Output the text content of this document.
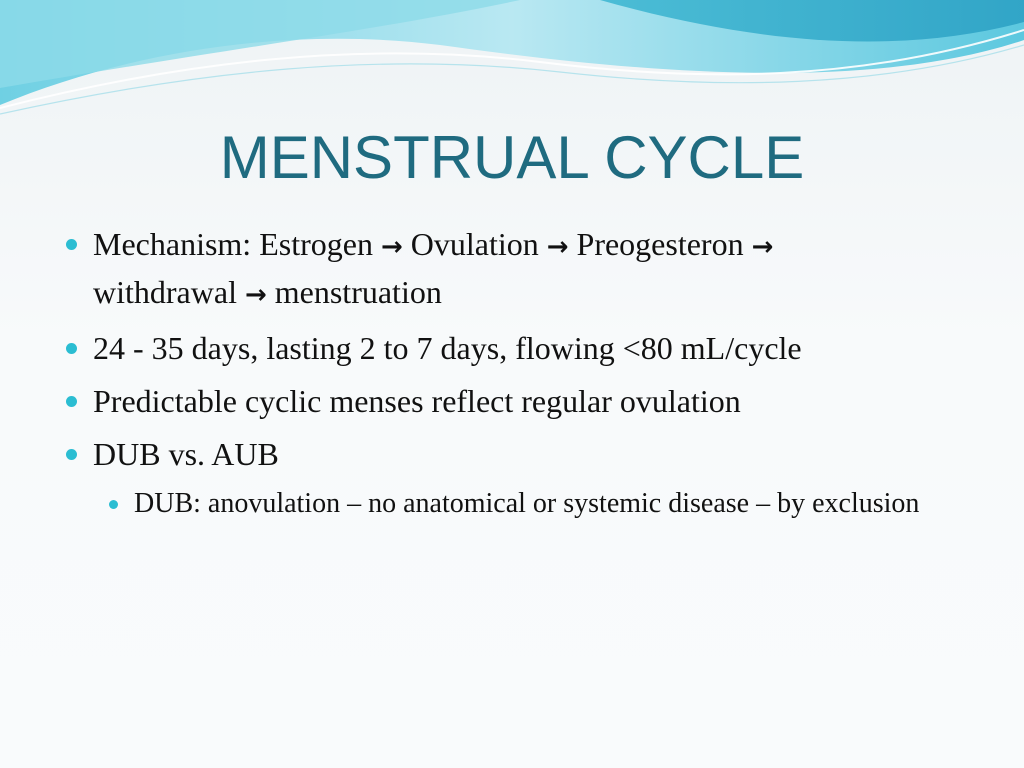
MENSTRUAL CYCLE
Mechanism: Estrogen → Ovulation → Preogesteron →
withdrawal → menstruation
24 - 35 days, lasting 2 to 7 days, flowing <80 mL/cycle
Predictable cyclic menses reflect regular ovulation
DUB vs. AUB
DUB: anovulation – no anatomical or systemic disease – by exclusion
